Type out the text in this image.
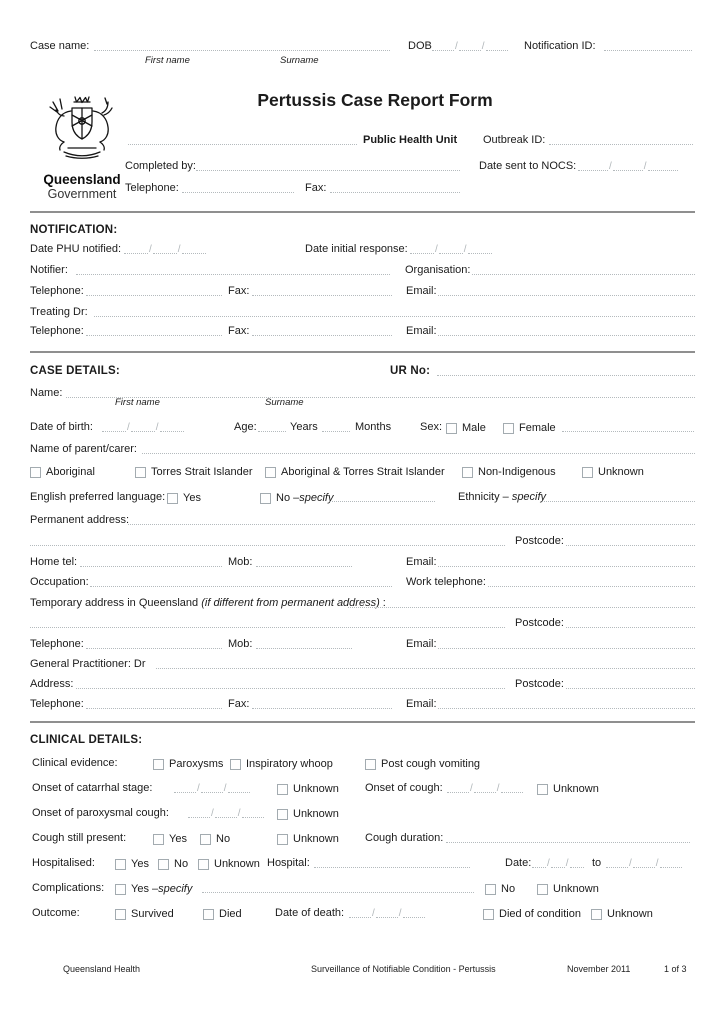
Case name:	DOB / /	Notification ID:
First name	Surname
Queensland
Government
Pertussis Case Report Form
Public Health Unit Outbreak ID:
Completed by:	Date sent to NOCS:	/	/
Telephone:	Fax:
NOTIFICATION:
Date PHU notified:	/	/	Date initial response:	/	/
Notifier:	Organisation:
Telephone:	Fax:	Email:
Treating Dr:
Telephone:	Fax:	Email:
CASE DETAILS:	UR No:
Name:
First name	Surname
Date of birth:	/	/	Age:	Years	Months	Sex: Male	Female
Name of parent/carer:
Aboriginal	Torres Strait Islander	Aboriginal & Torres Strait Islander	Non-Indigenous	Unknown
English preferred language: Yes	No – specify	Ethnicity – specify
Permanent address:
Postcode:
Home tel:	Mob:	Email:
Occupation:	Work telephone:
Temporary address in Queensland (if different from permanent address) :
Postcode:
Telephone:	Mob:	Email:
General Practitioner: Dr
Address:	Postcode:
Telephone:	Fax:	Email:
CLINICAL DETAILS:
Clinical evidence:	Paroxysms Inspiratory whoop	Post cough vomiting
Onset of catarrhal stage:	/ /	Unknown Onset of cough:	/ /	Unknown
Onset of paroxysmal cough:	/ /	Unknown
Cough still present:	Yes	No	Unknown Cough duration:
Hospitalised:	Yes No Unknown Hospital:	Date: / / to	/ /
Complications: Yes – specify	No	Unknown
Outcome:	Survived	Died	Date of death:	/ /	Died of condition Unknown
Queensland Health	Surveillance of Notifiable Condition - Pertussis	November 2011	1 of 3
